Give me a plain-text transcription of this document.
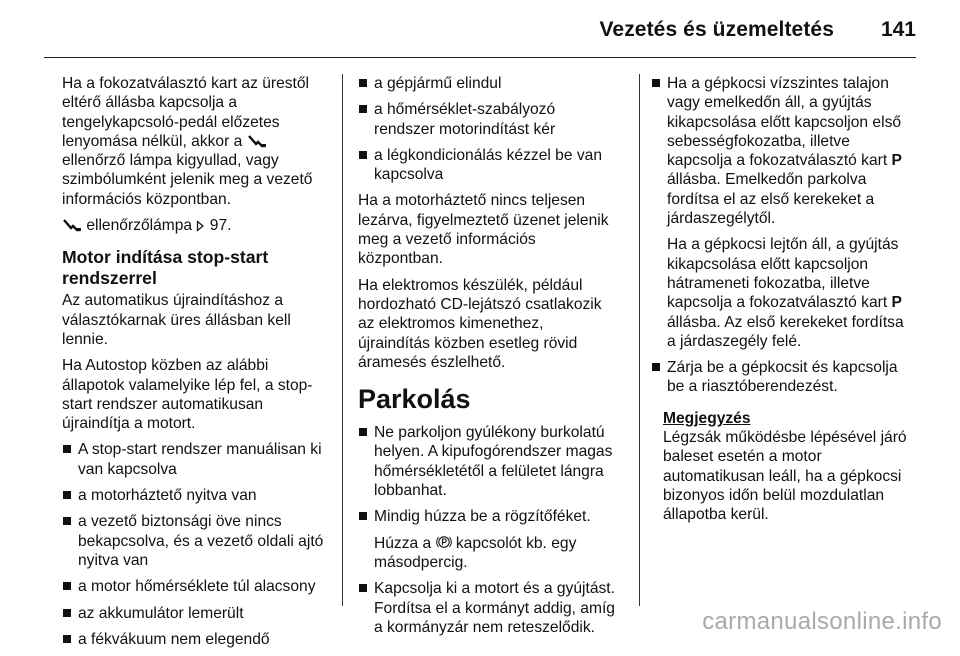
Vezetés és üzemeltetés 141

Ha a fokozatválasztó kart az ürestől
eltérő állásba kapcsolja a
tengelykapcsoló-pedál előzetes
lenyomása nélkül, akkor a
ellenőrző lámpa kigyullad, vagy
szimbólumként jelenik meg a vezető
információs központban.

ellenőrzőlámpa  97.

Motor indítása stop-start
rendszerrel

Az automatikus újraindításhoz a
választókarnak üres állásban kell
lennie.

Ha Autostop közben az alábbi
állapotok valamelyike lép fel, a stop-
start rendszer automatikusan
újraindítja a motort.

A stop-start rendszer manuálisan ki
van kapcsolva
a motorháztető nyitva van
a vezető biztonsági öve nincs
bekapcsolva, és a vezető oldali ajtó
nyitva van
a motor hőmérséklete túl alacsony
az akkumulátor lemerült
a fékvákuum nem elegendő
a gépjármű elindul
a hőmérséklet-szabályozó
rendszer motorindítást kér
a légkondicionálás kézzel be van
kapcsolva

Ha a motorháztető nincs teljesen
lezárva, figyelmeztető üzenet jelenik
meg a vezető információs
központban.

Ha elektromos készülék, például
hordozható CD-lejátszó csatlakozik
az elektromos kimenethez,
újraindítás közben esetleg rövid
áramesés észlelhető.

Parkolás
Ne parkoljon gyúlékony burkolatú
helyen. A kipufogórendszer magas
hőmérsékletétől a felületet lángra
lobbanhat.
Mindig húzza be a rögzítőféket.
Húzza a  kapcsolót kb. egy
másodpercig.
Kapcsolja ki a motort és a gyújtást.
Fordítsa el a kormányt addig, amíg
a kormányzár nem reteszelődik.
Ha a gépkocsi vízszintes talajon
vagy emelkedőn áll, a gyújtás
kikapcsolása előtt kapcsoljon első
sebességfokozatba, illetve
kapcsolja a fokozatválasztó kart P
állásba. Emelkedőn parkolva
fordítsa el az első kerekeket a
járdaszegélytől.
Ha a gépkocsi lejtőn áll, a gyújtás
kikapcsolása előtt kapcsoljon
hátrameneti fokozatba, illetve
kapcsolja a fokozatválasztó kart P
állásba. Az első kerekeket fordítsa
a járdaszegély felé.
Zárja be a gépkocsit és kapcsolja
be a riasztóberendezést.
Megjegyzés
Légzsák működésbe lépésével járó
baleset esetén a motor
automatikusan leáll, ha a gépkocsi
bizonyos időn belül mozdulatlan
állapotba kerül.
carmanualsonline.info
